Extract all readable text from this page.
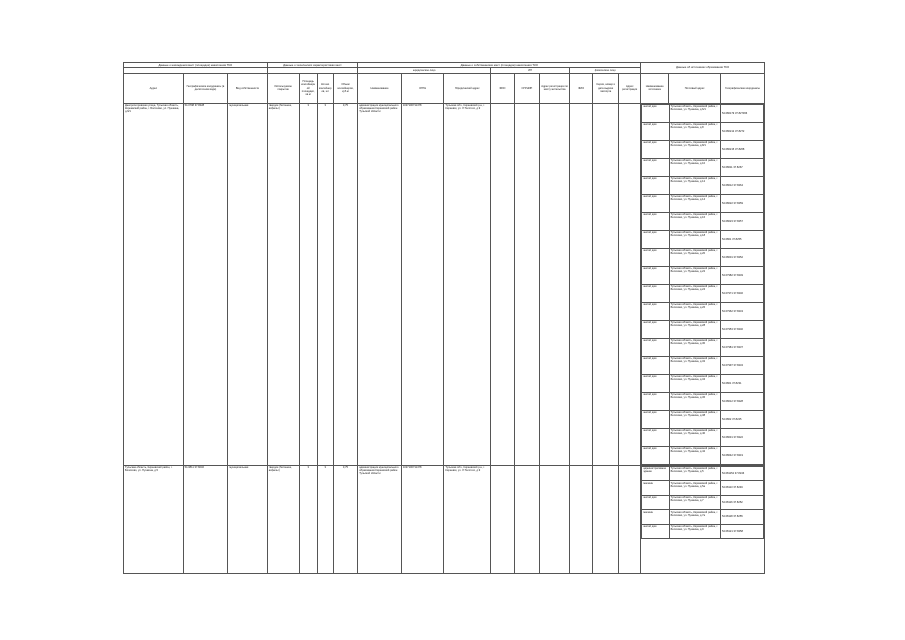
Данные о нахождении мест (площадок) накопления ТКО	Данные о технических характеристиках мест	Данные о собственниках мест (площадок) накопления ТКО	Данные об источниках образования ТКО
		юридическое лицо	ИП	физическое лицо
Адрес	Географические координаты (в десятичном виде)	Вид собственности	Используемое покрытие	Площадь контейнерной площадки, кв.м	Кол-во контейнеров, шт	Объем контейнеров, куб.м	Наименование	ОГРН	Юридический адрес	ФИО	ОГРНИП	Адрес регистрации по месту жительства	ФИО	Серия, номер и дата выдачи паспорта	Адрес регистрации	Наименование источника	Почтовый адрес	Географические координаты
Днепропетровская улица, Тульская область, Киреевский район, г. Болохово, ул. Пушкина, д.6/1	54.0798 37.8028	муниципальная	твердое (бетонное, асфальт)	3	3	0,75	администрация муниципального образования Киреевский район Тульской области	1027100711478	Тульская обл., Киреевский р-н, г. Киреевск, ул. Л.Толстого, д.9							
жилой дом	Тульская область, Киреевский район, г. Болохово, ул. Пушкина, д.6/1	54.080179 37.827366
жилой дом	Тульская область, Киреевский район, г. Болохово, ул. Пушкина, д.8	54.080212 37.8272
жилой дом	Тульская область, Киреевский район, г. Болохово, ул. Пушкина, д.8/1	54.080215 37.8268
жилой дом	Тульская область, Киреевский район, г. Болохово, ул. Пушкина, д.10	54.08011 37.8267
жилой дом	Тульская область, Киреевский район, г. Болохово, ул. Пушкина, д.12	54.08012 37.8264
жилой дом	Тульская область, Киреевский район, г. Болохово, ул. Пушкина, д.14	54.08022 37.8259
жилой дом	Тульская область, Киреевский район, г. Болохово, ул. Пушкина, д.16	54.08023 37.8257
жилой дом	Тульская область, Киреевский район, г. Болохово, ул. Пушкина, д.18	54.0801 37.8255
жилой дом	Тульская область, Киреевский район, г. Болохово, ул. Пушкина, д.20	54.08001 37.8252
жилой дом	Тульская область, Киреевский район, г. Болохово, ул. Пушкина, д.22	54.07982 37.8249
жилой дом	Тульская область, Киреевский район, г. Болохово, ул. Пушкина, д.24	54.07971 37.8246
жилой дом	Тульская область, Киреевский район, г. Болохово, ул. Пушкина, д.26	54.07962 37.8243
жилой дом	Тульская область, Киреевский район, г. Болохово, ул. Пушкина, д.28	54.07953 37.8240
жилой дом	Тульская область, Киреевский район, г. Болохово, ул. Пушкина, д.30	54.07981 37.8237
жилой дом	Тульская область, Киреевский район, г. Болохово, ул. Пушкина, д.32	54.07997 37.8234
жилой дом	Тульская область, Киреевский район, г. Болохово, ул. Пушкина, д.34	54.0801 37.8231
жилой дом	Тульская область, Киреевский район, г. Болохово, ул. Пушкина, д.36	54.08012 37.8228
жилой дом	Тульская область, Киреевский район, г. Болохово, ул. Пушкина, д.38	54.0802 37.8225
жилой дом	Тульская область, Киреевский район, г. Болохово, ул. Пушкина, д.40	54.08031 37.8222
жилой дом	Тульская область, Киреевский район, г. Болохово, ул. Пушкина, д.42	54.08042 37.8219

Тульская область, Киреевский район, г. Болохово, ул. Пушкина, д.5	54.0811 37.8246	муниципальная	твердое (бетонное, асфальт)	3	3	0,75	администрация муниципального образования Киреевский район Тульской области	1027100711478	Тульская обл., Киреевский р-н, г. Киреевск, ул. Л.Толстого, д.9							
административное здание	Тульская область, Киреевский район, г. Болохово, ул. Пушкина, д.5	54.081152 37.8246
магазин	Тульская область, Киреевский район, г. Болохово, ул. Пушкина, д.5а	54.08113 37.8249
жилой дом	Тульская область, Киреевский район, г. Болохово, ул. Пушкина, д.7	54.08116 37.8252
магазин	Тульская область, Киреевский район, г. Болохово, ул. Пушкина, д.7а	54.08118 37.8255
жилой дом	Тульская область, Киреевский район, г. Болохово, ул. Пушкина, д.9	54.08121 37.8258
